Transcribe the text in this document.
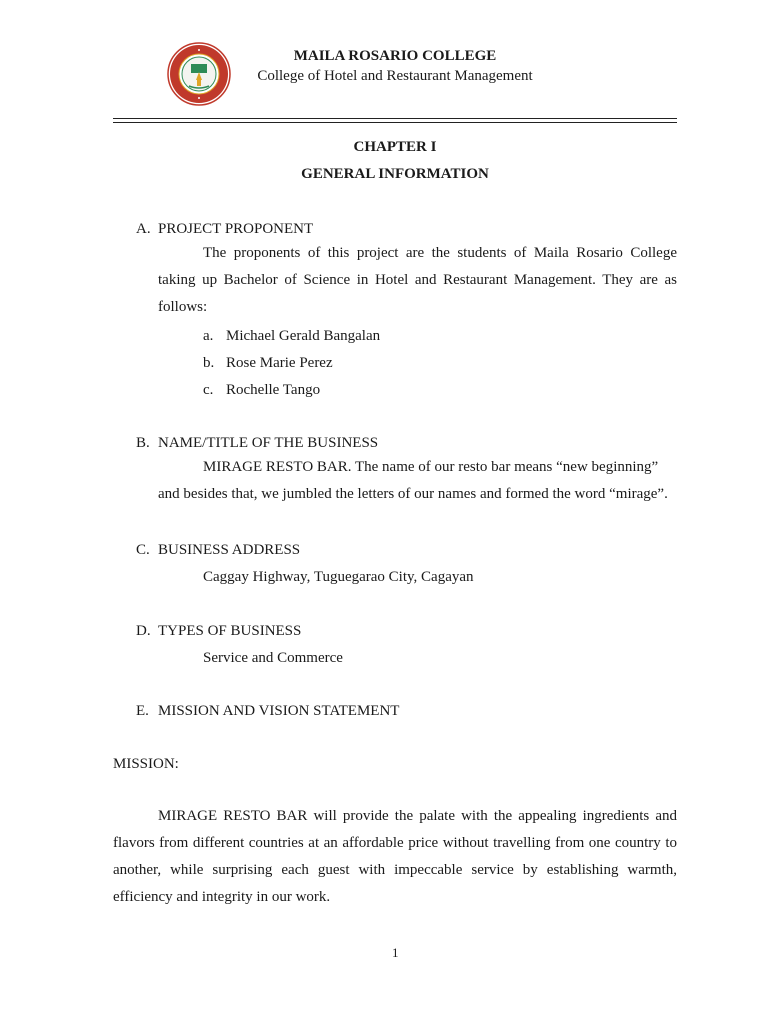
MAILA ROSARIO COLLEGE
College of Hotel and Restaurant Management
CHAPTER I
GENERAL INFORMATION
A. PROJECT PROPONENT
The proponents of this project are the students of Maila Rosario College taking up Bachelor of Science in Hotel and Restaurant Management. They are as follows:
a. Michael Gerald Bangalan
b. Rose Marie Perez
c. Rochelle Tango
B. NAME/TITLE OF THE BUSINESS
MIRAGE RESTO BAR. The name of our resto bar means “new beginning” and besides that, we jumbled the letters of our names and formed the word “mirage”.
C. BUSINESS ADDRESS
Caggay Highway, Tuguegarao City, Cagayan
D. TYPES OF BUSINESS
Service and Commerce
E. MISSION AND VISION STATEMENT
MISSION:
MIRAGE RESTO BAR will provide the palate with the appealing ingredients and flavors from different countries at an affordable price without travelling from one country to another, while surprising each guest with impeccable service by establishing warmth, efficiency and integrity in our work.
1
